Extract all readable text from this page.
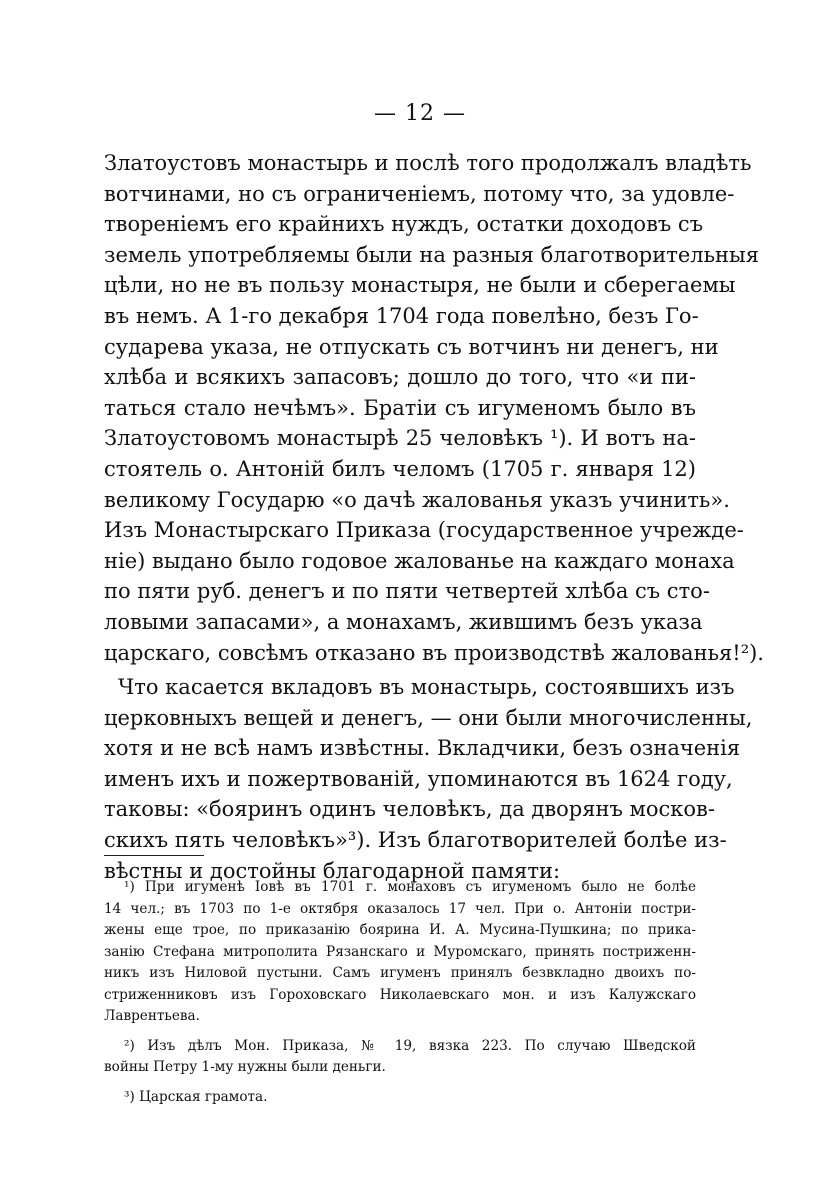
— 12 —
Златоустовъ монастырь и послѣ того продолжалъ владѣть
вотчинами, но съ ограниченіемъ, потому что, за удовле-
твореніемъ его крайнихъ нуждъ, остатки доходовъ съ
земель употребляемы были на разныя благотворительныя
цѣли, но не въ пользу монастыря, не были и сберегаемы
въ немъ. А 1-го декабря 1704 года повелѣно, безъ Го-
сударева указа, не отпускать съ вотчинъ ни денегъ, ни
хлѣба и всякихъ запасовъ; дошло до того, что «и пи-
таться стало нечѣмъ». Братіи съ игуменомъ было въ
Златоустовомъ монастырѣ 25 человѣкъ ¹). И вотъ на-
стоятель о. Антоній билъ челомъ (1705 г. января 12)
великому Государю «о дачѣ жалованья указъ учинить».
Изъ Монастырскаго Приказа (государственное учрежде-
ніе) выдано было годовое жалованье на каждаго монаха
по пяти руб. денегъ и по пяти четвертей хлѣба съ сто-
ловыми запасами», а монахамъ, жившимъ безъ указа
царскаго, совсѣмъ отказано въ производствѣ жалованья!²).
Что касается вкладовъ въ монастырь, состоявшихъ изъ
церковныхъ вещей и денегъ, — они были многочисленны,
хотя и не всѣ намъ извѣстны. Вкладчики, безъ означенія
именъ ихъ и пожертвованій, упоминаются въ 1624 году,
таковы: «бояринъ одинъ человѣкъ, да дворянъ москов-
скихъ пять человѣкъ»³). Изъ благотворителей болѣе из-
вѣстны и достойны благодарной памяти:
¹) При игуменѣ Іовѣ въ 1701 г. монаховъ съ игуменомъ было не болѣе
14 чел.; въ 1703 по 1-е октября оказалось 17 чел. При о. Антоніи постри-
жены еще трое, по приказанію боярина И. А. Мусина-Пушкина; по прика-
занію Стефана митрополита Рязанскаго и Муромскаго, принять постриженн-
никъ изъ Ниловой пустыни. Самъ игуменъ принялъ безвкладно двоихъ по-
стриженниковъ изъ Гороховскаго Николаевскаго мон. и изъ Калужскаго
Лаврентьева.
²) Изъ дѣлъ Мон. Приказа, № 19, вязка 223. По случаю Шведской
войны Петру 1-му нужны были деньги.
³) Царская грамота.
